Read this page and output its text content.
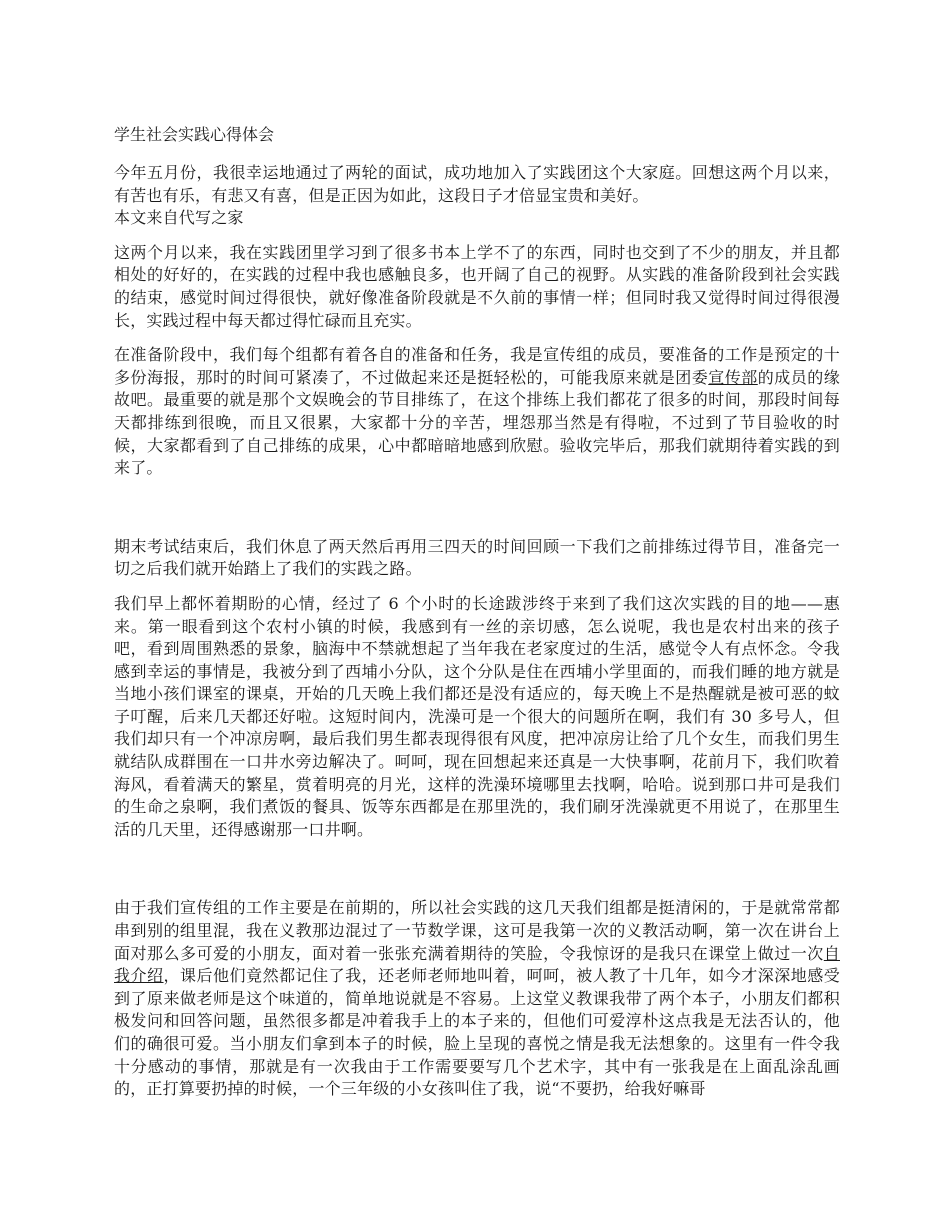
学生社会实践心得体会

今年五月份，我很幸运地通过了两轮的面试，成功地加入了实践团这个大家庭。回想这两个月以来，有苦也有乐，有悲又有喜，但是正因为如此，这段日子才倍显宝贵和美好。
本文来自代写之家

这两个月以来，我在实践团里学习到了很多书本上学不了的东西，同时也交到了不少的朋友，并且都相处的好好的，在实践的过程中我也感触良多，也开阔了自己的视野。从实践的准备阶段到社会实践的结束，感觉时间过得很快，就好像准备阶段就是不久前的事情一样；但同时我又觉得时间过得很漫长，实践过程中每天都过得忙碌而且充实。

在准备阶段中，我们每个组都有着各自的准备和任务，我是宣传组的成员，要准备的工作是预定的十多份海报，那时的时间可紧凑了，不过做起来还是挺轻松的，可能我原来就是团委宣传部的成员的缘故吧。最重要的就是那个文娱晚会的节目排练了，在这个排练上我们都花了很多的时间，那段时间每天都排练到很晚，而且又很累，大家都十分的辛苦，埋怨那当然是有得啦，不过到了节目验收的时候，大家都看到了自己排练的成果，心中都暗暗地感到欣慰。验收完毕后，那我们就期待着实践的到来了。

期末考试结束后，我们休息了两天然后再用三四天的时间回顾一下我们之前排练过得节目，准备完一切之后我们就开始踏上了我们的实践之路。

我们早上都怀着期盼的心情，经过了 6 个小时的长途跋涉终于来到了我们这次实践的目的地——惠来。第一眼看到这个农村小镇的时候，我感到有一丝的亲切感，怎么说呢，我也是农村出来的孩子吧，看到周围熟悉的景象，脑海中不禁就想起了当年我在老家度过的生活，感觉令人有点怀念。令我感到幸运的事情是，我被分到了西埔小分队，这个分队是住在西埔小学里面的，而我们睡的地方就是当地小孩们课室的课桌，开始的几天晚上我们都还是没有适应的，每天晚上不是热醒就是被可恶的蚊子叮醒，后来几天都还好啦。这短时间内，洗澡可是一个很大的问题所在啊，我们有 30 多号人，但我们却只有一个冲凉房啊，最后我们男生都表现得很有风度，把冲凉房让给了几个女生，而我们男生就结队成群围在一口井水旁边解决了。呵呵，现在回想起来还真是一大快事啊，花前月下，我们吹着海风，看着满天的繁星，赏着明亮的月光，这样的洗澡环境哪里去找啊，哈哈。说到那口井可是我们的生命之泉啊，我们煮饭的餐具、饭等东西都是在那里洗的，我们刷牙洗澡就更不用说了，在那里生活的几天里，还得感谢那一口井啊。

由于我们宣传组的工作主要是在前期的，所以社会实践的这几天我们组都是挺清闲的，于是就常常都串到别的组里混，我在义教那边混过了一节数学课，这可是我第一次的义教活动啊，第一次在讲台上面对那么多可爱的小朋友，面对着一张张充满着期待的笑脸，令我惊讶的是我只在课堂上做过一次自我介绍，课后他们竟然都记住了我，还老师老师地叫着，呵呵，被人教了十几年，如今才深深地感受到了原来做老师是这个味道的，简单地说就是不容易。上这堂义教课我带了两个本子，小朋友们都积极发问和回答问题，虽然很多都是冲着我手上的本子来的，但他们可爱淳朴这点我是无法否认的，他们的确很可爱。当小朋友们拿到本子的时候，脸上呈现的喜悦之情是我无法想象的。这里有一件令我十分感动的事情，那就是有一次我由于工作需要要写几个艺术字，其中有一张我是在上面乱涂乱画的，正打算要扔掉的时候，一个三年级的小女孩叫住了我，说“不要扔，给我好嘛哥
